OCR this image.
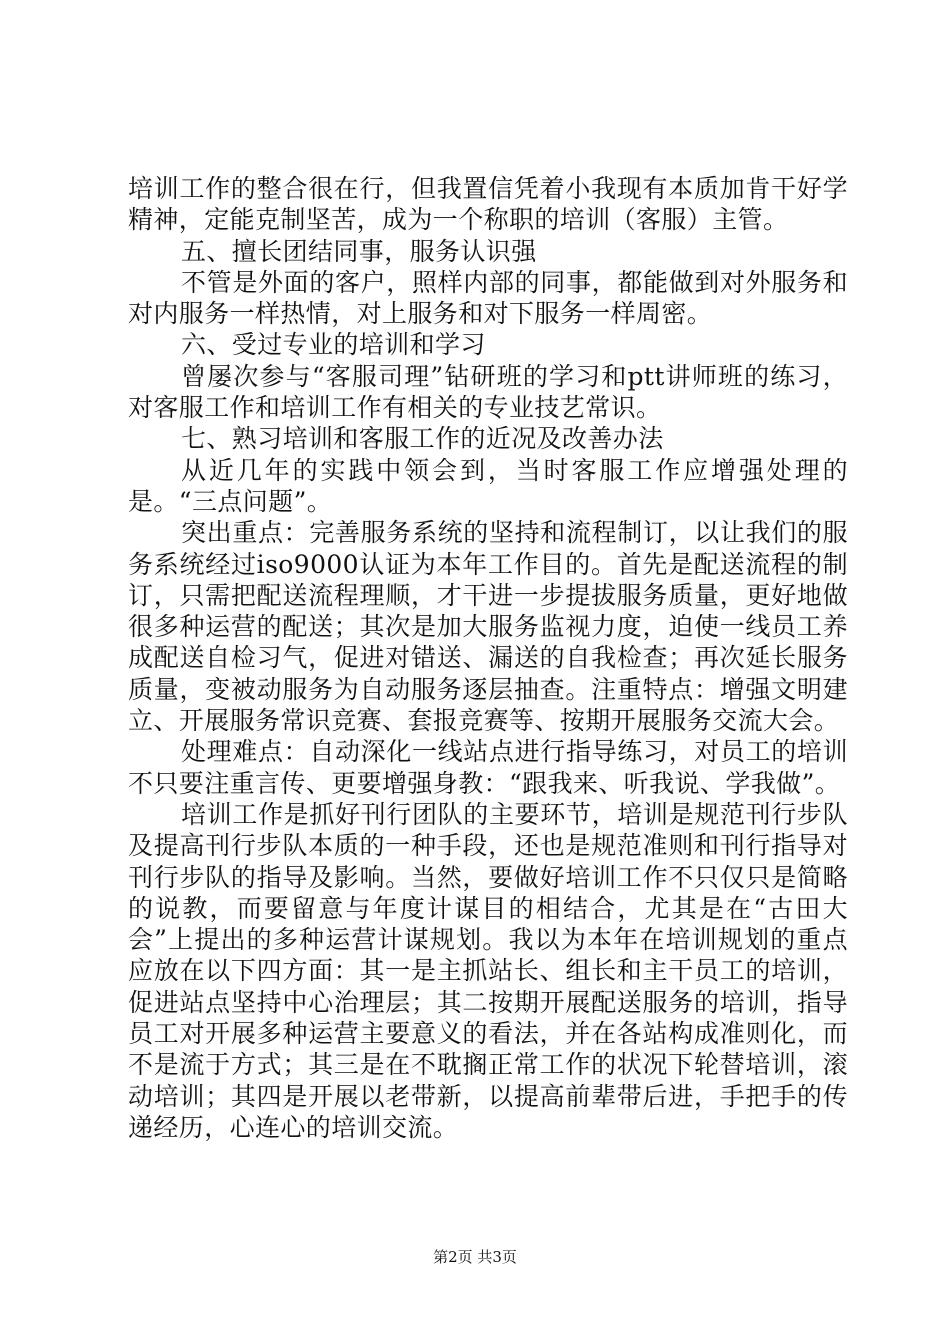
培训工作的整合很在行，但我置信凭着小我现有本质加肯干好学精神，定能克制坚苦，成为一个称职的培训（客服）主管。

五、擅长团结同事，服务认识强

不管是外面的客户，照样内部的同事，都能做到对外服务和对内服务一样热情，对上服务和对下服务一样周密。

六、受过专业的培训和学习

曾屡次参与“客服司理”钻研班的学习和ptt讲师班的练习，对客服工作和培训工作有相关的专业技艺常识。

七、熟习培训和客服工作的近况及改善办法

从近几年的实践中领会到，当时客服工作应增强处理的是。“三点问题”。

突出重点：完善服务系统的坚持和流程制订，以让我们的服务系统经过iso9000认证为本年工作目的。首先是配送流程的制订，只需把配送流程理顺，才干进一步提拔服务质量，更好地做很多种运营的配送；其次是加大服务监视力度，迫使一线员工养成配送自检习气，促进对错送、漏送的自我检查；再次延长服务质量，变被动服务为自动服务逐层抽查。注重特点：增强文明建立、开展服务常识竞赛、套报竞赛等、按期开展服务交流大会。

处理难点：自动深化一线站点进行指导练习，对员工的培训不只要注重言传、更要增强身教：“跟我来、听我说、学我做”。

培训工作是抓好刊行团队的主要环节，培训是规范刊行步队及提高刊行步队本质的一种手段，还也是规范准则和刊行指导对刊行步队的指导及影响。当然，要做好培训工作不只仅只是简略的说教，而要留意与年度计谋目的相结合，尤其是在“古田大会”上提出的多种运营计谋规划。我以为本年在培训规划的重点应放在以下四方面：其一是主抓站长、组长和主干员工的培训，促进站点坚持中心治理层；其二按期开展配送服务的培训，指导员工对开展多种运营主要意义的看法，并在各站构成准则化，而不是流于方式；其三是在不耽搁正常工作的状况下轮替培训，滚动培训；其四是开展以老带新，以提高前辈带后进，手把手的传递经历，心连心的培训交流。

第2页 共3页
